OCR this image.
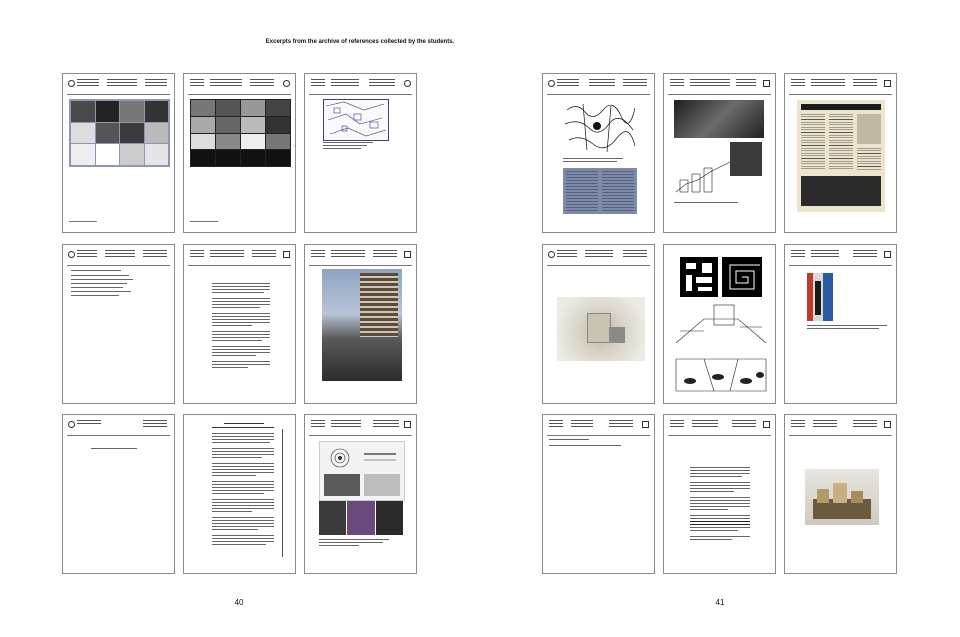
Excerpts from the archive of references collected by the students.
40	41
